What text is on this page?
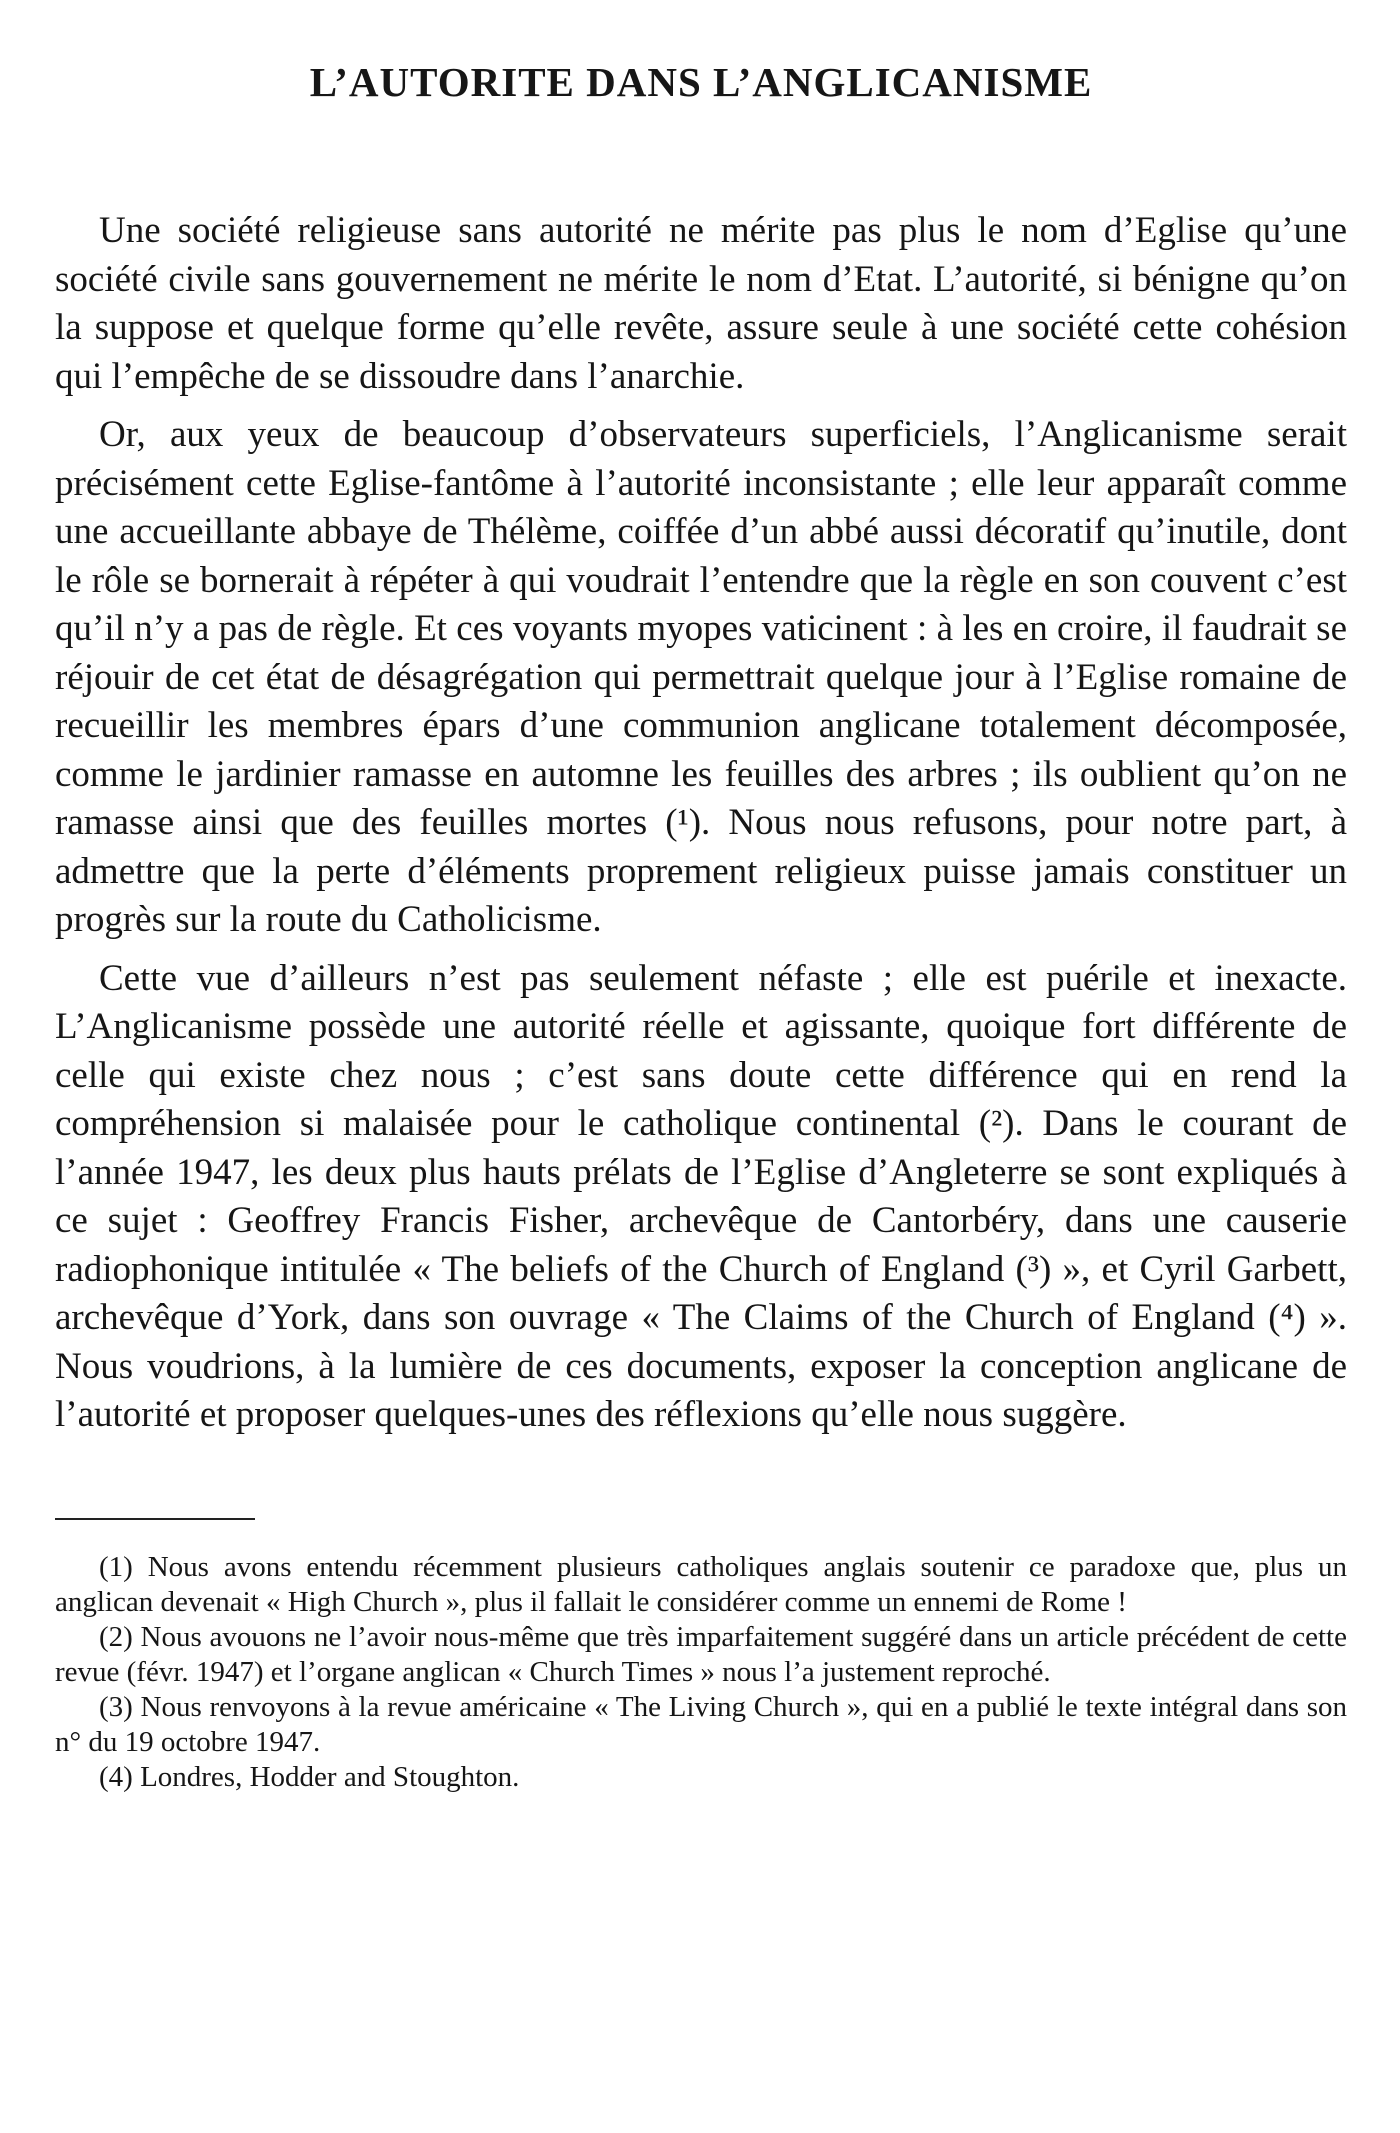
L’AUTORITE DANS L’ANGLICANISME

Une société religieuse sans autorité ne mérite pas plus le nom d’Eglise qu’une société civile sans gouvernement ne mérite le nom d’Etat. L’autorité, si bénigne qu’on la suppose et quelque forme qu’elle revête, assure seule à une société cette cohésion qui l’empêche de se dissoudre dans l’anarchie.

Or, aux yeux de beaucoup d’observateurs superficiels, l’Anglicanisme serait précisément cette Eglise-fantôme à l’autorité inconsistante ; elle leur apparaît comme une accueillante abbaye de Thélème, coiffée d’un abbé aussi décoratif qu’inutile, dont le rôle se bornerait à répéter à qui voudrait l’entendre que la règle en son couvent c’est qu’il n’y a pas de règle. Et ces voyants myopes vaticinent : à les en croire, il faudrait se réjouir de cet état de désagrégation qui permettrait quelque jour à l’Eglise romaine de recueillir les membres épars d’une communion anglicane totalement décomposée, comme le jardinier ramasse en automne les feuilles des arbres ; ils oublient qu’on ne ramasse ainsi que des feuilles mortes (¹). Nous nous refusons, pour notre part, à admettre que la perte d’éléments proprement religieux puisse jamais constituer un progrès sur la route du Catholicisme.

Cette vue d’ailleurs n’est pas seulement néfaste ; elle est puérile et inexacte. L’Anglicanisme possède une autorité réelle et agissante, quoique fort différente de celle qui existe chez nous ; c’est sans doute cette différence qui en rend la compréhension si malaisée pour le catholique continental (²). Dans le courant de l’année 1947, les deux plus hauts prélats de l’Eglise d’Angleterre se sont expliqués à ce sujet : Geoffrey Francis Fisher, archevêque de Cantorbéry, dans une causerie radiophonique intitulée « The beliefs of the Church of England (³) », et Cyril Garbett, archevêque d’York, dans son ouvrage « The Claims of the Church of England (⁴) ». Nous voudrions, à la lumière de ces documents, exposer la conception anglicane de l’autorité et proposer quelques-unes des réflexions qu’elle nous suggère.

(1) Nous avons entendu récemment plusieurs catholiques anglais soutenir ce paradoxe que, plus un anglican devenait « High Church », plus il fallait le considérer comme un ennemi de Rome !

(2) Nous avouons ne l’avoir nous-même que très imparfaitement suggéré dans un article précédent de cette revue (févr. 1947) et l’organe anglican « Church Times » nous l’a justement reproché.

(3) Nous renvoyons à la revue américaine « The Living Church », qui en a publié le texte intégral dans son n° du 19 octobre 1947.

(4) Londres, Hodder and Stoughton.
